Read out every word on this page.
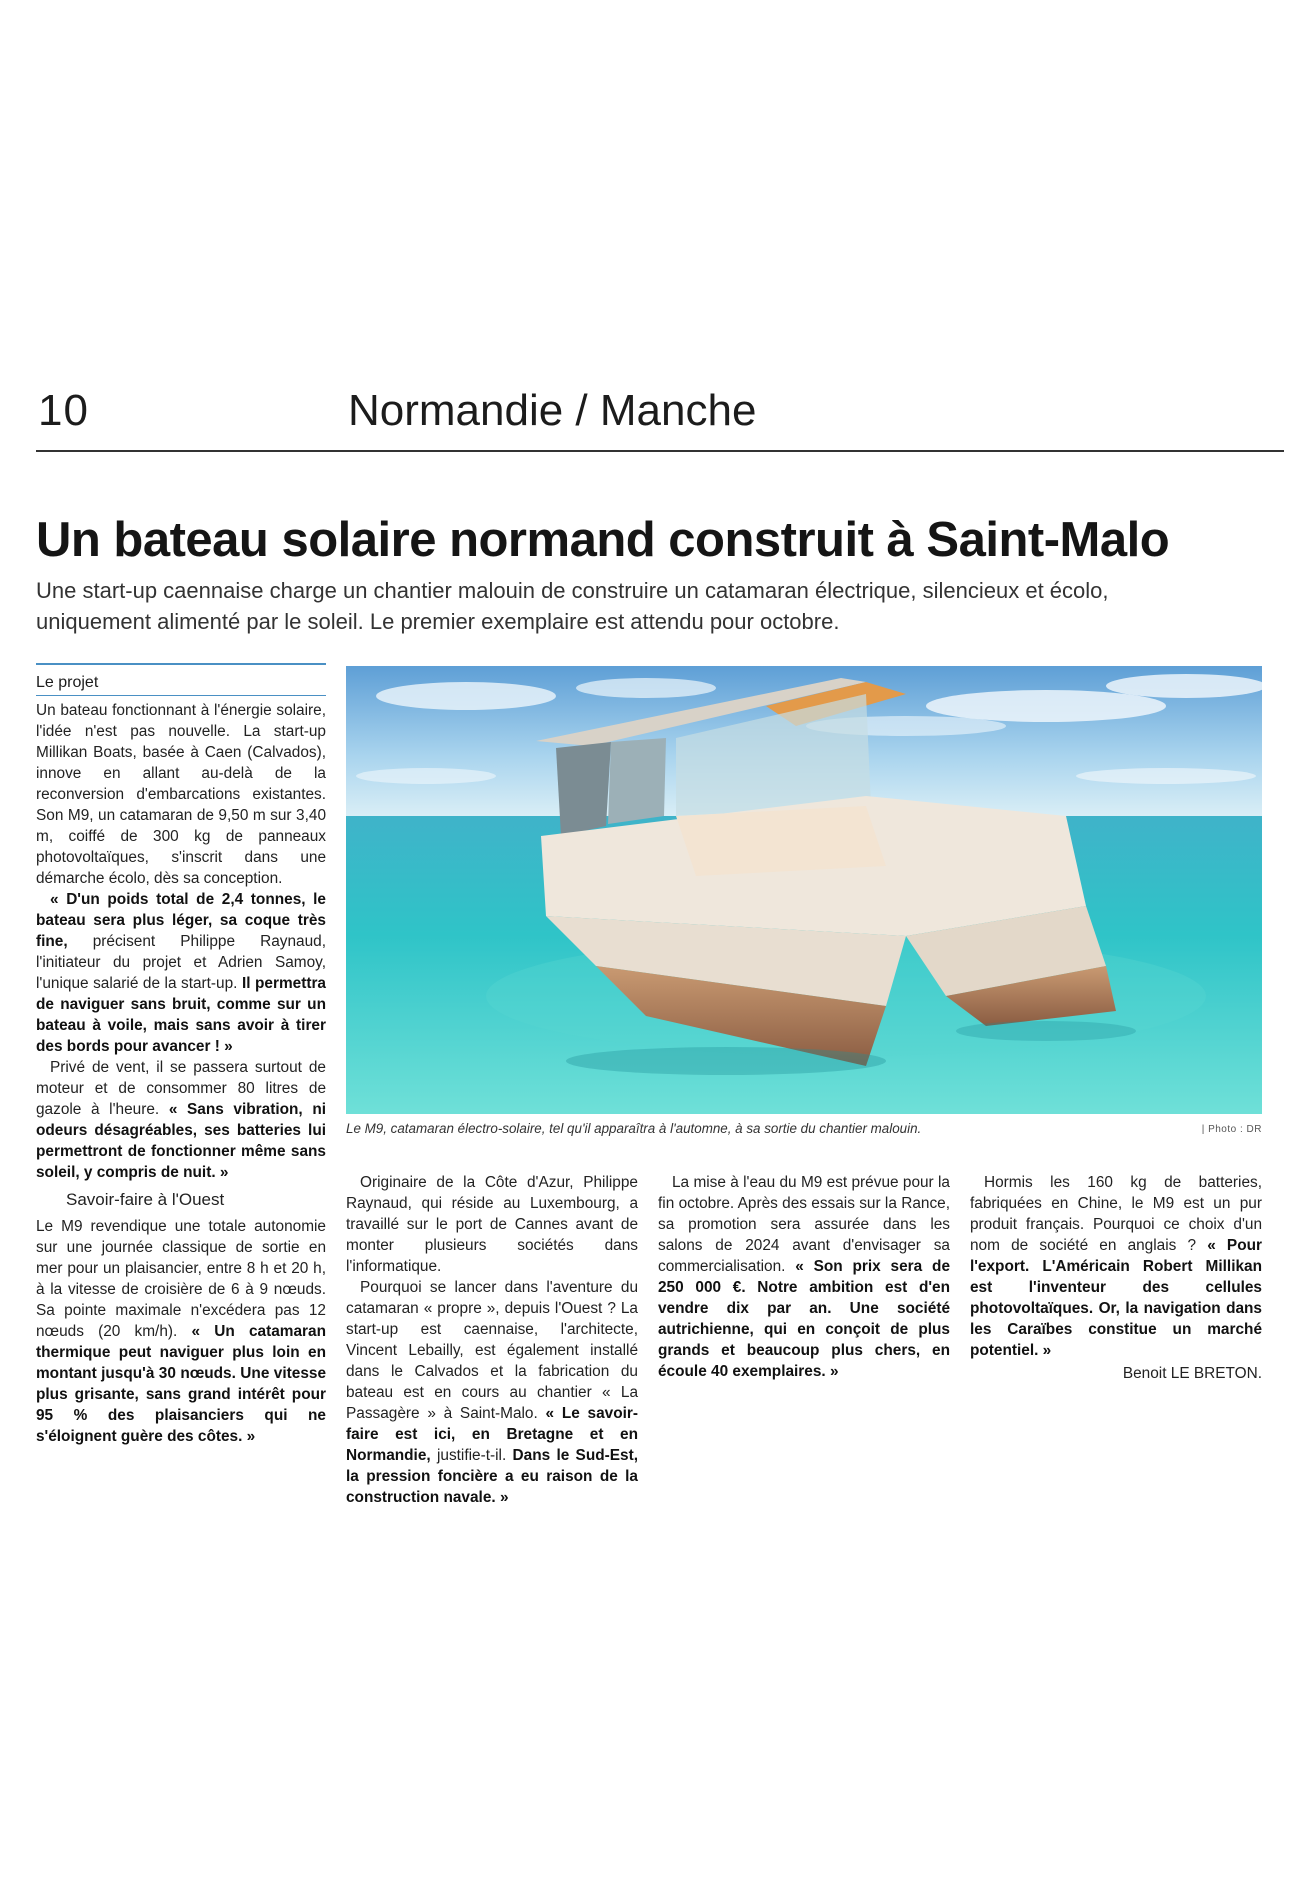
10	Normandie / Manche
Un bateau solaire normand construit à Saint-Malo
Une start-up caennaise charge un chantier malouin de construire un catamaran électrique, silencieux et écolo, uniquement alimenté par le soleil. Le premier exemplaire est attendu pour octobre.
Le projet
Le M9, catamaran électro-solaire, tel qu'il apparaîtra à l'automne, à sa sortie du chantier malouin.	| Photo : DR

Un bateau fonctionnant à l'énergie solaire, l'idée n'est pas nouvelle. La start-up Millikan Boats, basée à Caen (Calvados), innove en allant au-delà de la reconversion d'embarcations existantes. Son M9, un catamaran de 9,50 m sur 3,40 m, coiffé de 300 kg de panneaux photovoltaïques, s'inscrit dans une démarche écolo, dès sa conception.

« D'un poids total de 2,4 tonnes, le bateau sera plus léger, sa coque très fine, précisent Philippe Raynaud, l'initiateur du projet et Adrien Samoy, l'unique salarié de la start-up. Il permettra de naviguer sans bruit, comme sur un bateau à voile, mais sans avoir à tirer des bords pour avancer ! »

Privé de vent, il se passera surtout de moteur et de consommer 80 litres de gazole à l'heure. « Sans vibration, ni odeurs désagréables, ses batteries lui permettront de fonctionner même sans soleil, y compris de nuit. »

Savoir-faire à l'Ouest

Le M9 revendique une totale autonomie sur une journée classique de sortie en mer pour un plaisancier, entre 8 h et 20 h, à la vitesse de croisière de 6 à 9 nœuds. Sa pointe maximale n'excédera pas 12 nœuds (20 km/h). « Un catamaran thermique peut naviguer plus loin en montant jusqu'à 30 nœuds. Une vitesse plus grisante, sans grand intérêt pour 95 % des plaisanciers qui ne s'éloignent guère des côtes. »

Originaire de la Côte d'Azur, Philippe Raynaud, qui réside au Luxembourg, a travaillé sur le port de Cannes avant de monter plusieurs sociétés dans l'informatique.

Pourquoi se lancer dans l'aventure du catamaran « propre », depuis l'Ouest ? La start-up est caennaise, l'architecte, Vincent Lebailly, est également installé dans le Calvados et la fabrication du bateau est en cours au chantier « La Passagère » à Saint-Malo. « Le savoir-faire est ici, en Bretagne et en Normandie, justifie-t-il. Dans le Sud-Est, la pression foncière a eu raison de la construction navale. »

La mise à l'eau du M9 est prévue pour la fin octobre. Après des essais sur la Rance, sa promotion sera assurée dans les salons de 2024 avant d'envisager sa commercialisation. « Son prix sera de 250 000 €. Notre ambition est d'en vendre dix par an. Une société autrichienne, qui en conçoit de plus grands et beaucoup plus chers, en écoule 40 exemplaires. »

Hormis les 160 kg de batteries, fabriquées en Chine, le M9 est un pur produit français. Pourquoi ce choix d'un nom de société en anglais ? « Pour l'export. L'Américain Robert Millikan est l'inventeur des cellules photovoltaïques. Or, la navigation dans les Caraïbes constitue un marché potentiel. »

Benoit LE BRETON.
